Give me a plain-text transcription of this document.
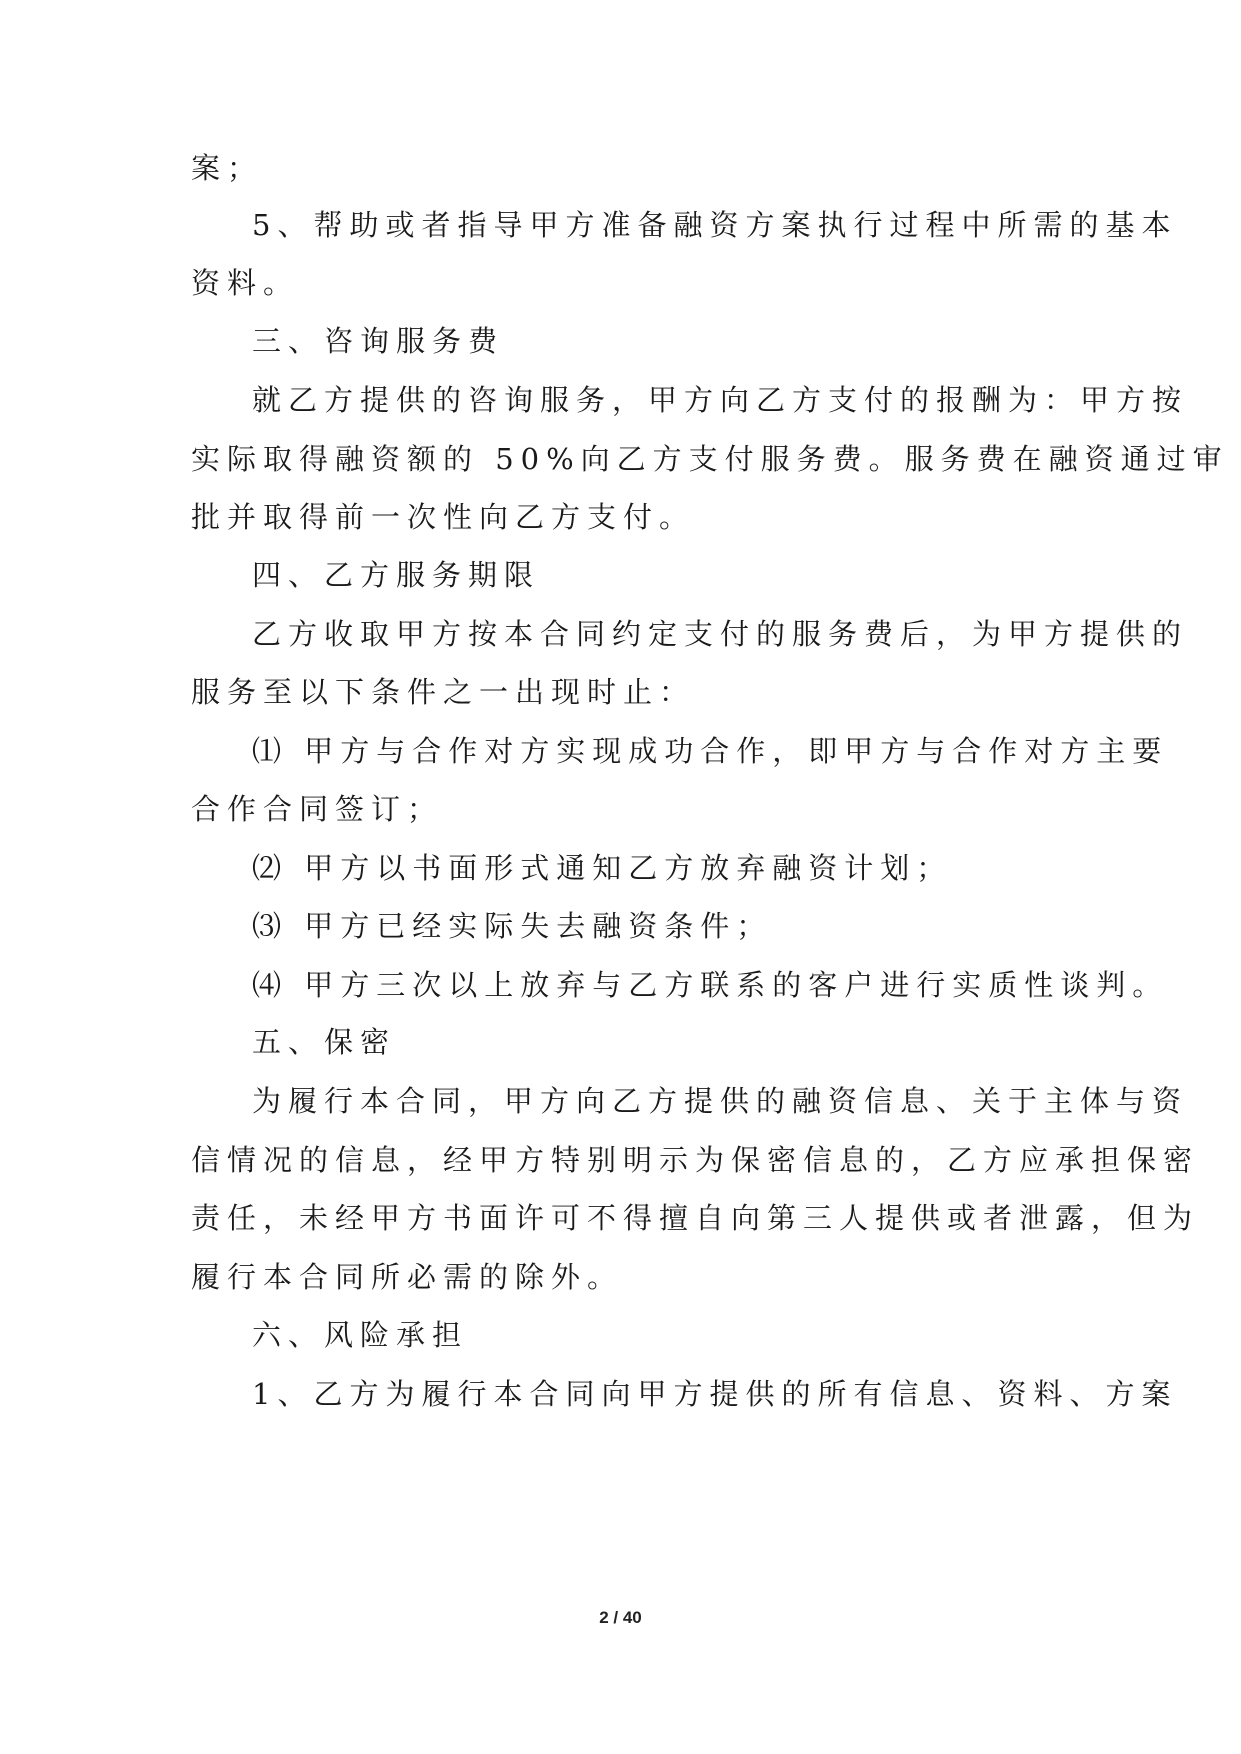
案；
5、帮助或者指导甲方准备融资方案执行过程中所需的基本
资料。
三、咨询服务费
就乙方提供的咨询服务，甲方向乙方支付的报酬为：甲方按
实际取得融资额的 50%向乙方支付服务费。服务费在融资通过审
批并取得前一次性向乙方支付。
四、乙方服务期限
乙方收取甲方按本合同约定支付的服务费后，为甲方提供的
服务至以下条件之一出现时止：
⑴ 甲方与合作对方实现成功合作，即甲方与合作对方主要
合作合同签订；
⑵ 甲方以书面形式通知乙方放弃融资计划；
⑶ 甲方已经实际失去融资条件；
⑷ 甲方三次以上放弃与乙方联系的客户进行实质性谈判。
五、保密
为履行本合同，甲方向乙方提供的融资信息、关于主体与资
信情况的信息，经甲方特别明示为保密信息的，乙方应承担保密
责任，未经甲方书面许可不得擅自向第三人提供或者泄露，但为
履行本合同所必需的除外。
六、风险承担
1、乙方为履行本合同向甲方提供的所有信息、资料、方案
2 / 40
